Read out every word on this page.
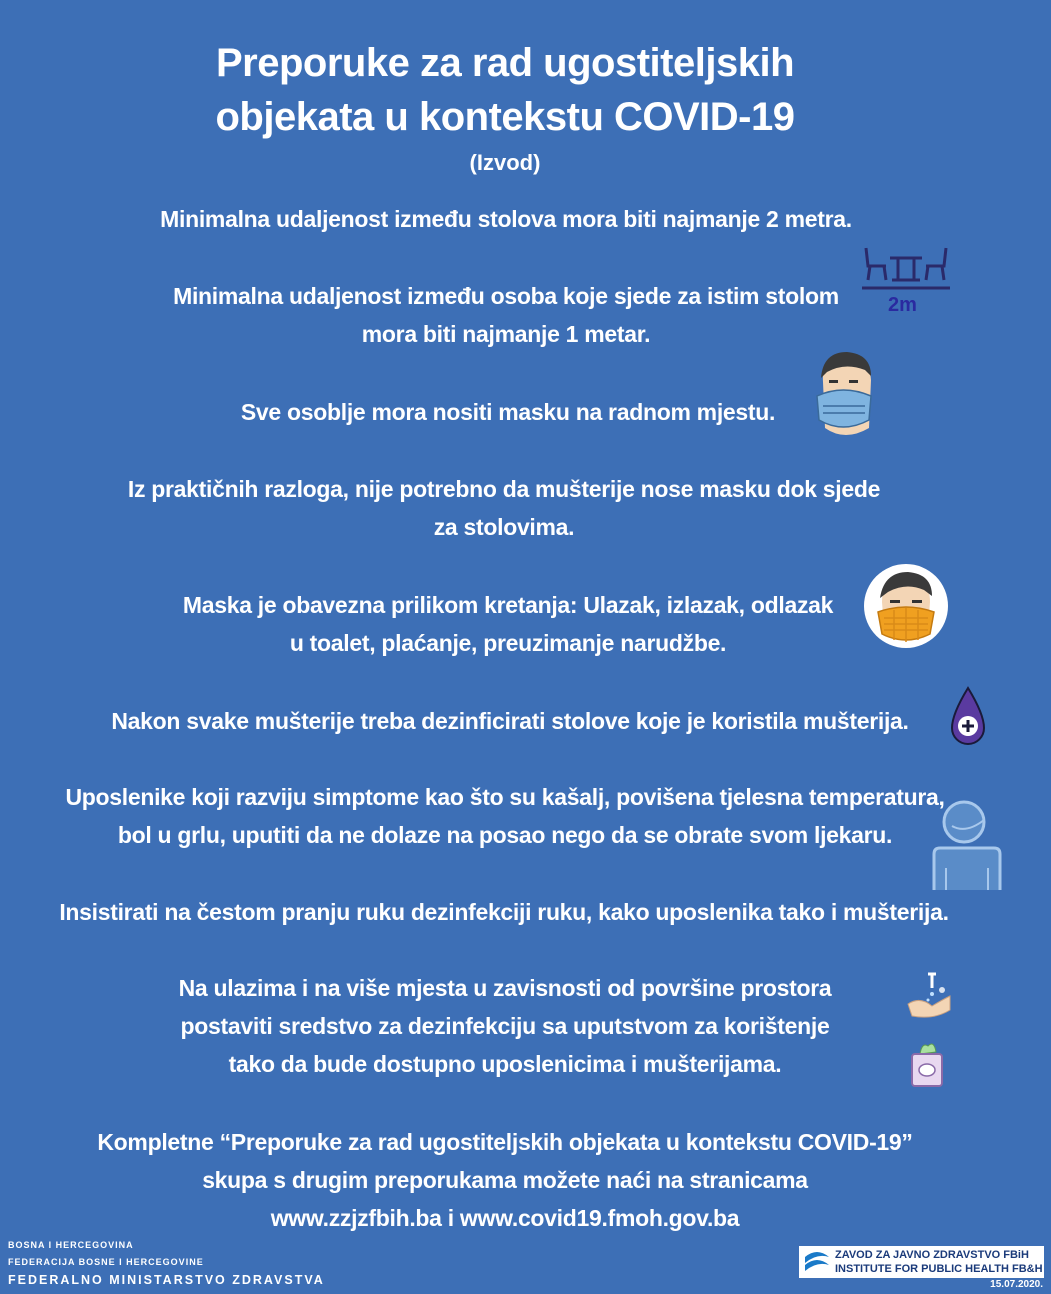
Preporuke za rad ugostiteljskih
objekata u kontekstu COVID-19
(Izvod)
Minimalna udaljenost između stolova mora biti najmanje 2 metra.
Minimalna udaljenost između osoba koje sjede za istim stolom
mora biti najmanje 1 metar.
Sve osoblje mora nositi masku na radnom mjestu.
Iz praktičnih razloga, nije potrebno da mušterije nose masku dok sjede
za stolovima.
Maska je obavezna prilikom kretanja: Ulazak, izlazak, odlazak
u toalet, plaćanje, preuzimanje narudžbe.
Nakon svake mušterije treba dezinficirati stolove koje je koristila mušterija.
Uposlenike koji razviju simptome kao što su kašalj, povišena tjelesna temperatura,
bol u grlu, uputiti da ne dolaze na posao nego da se obrate svom ljekaru.
Insistirati na čestom pranju ruku dezinfekciji ruku, kako uposlenika tako i mušterija.
Na ulazima i na više mjesta u zavisnosti od površine prostora
postaviti sredstvo za dezinfekciju sa uputstvom za korištenje
tako da bude dostupno uposlenicima i mušterijama.
Kompletne “Preporuke za rad ugostiteljskih objekata u kontekstu COVID-19”
skupa s drugim preporukama možete naći na stranicama
www.zzjzfbih.ba i www.covid19.fmoh.gov.ba
2m
BOSNA I HERCEGOVINA
FEDERACIJA BOSNE I HERCEGOVINE
FEDERALNO MINISTARSTVO ZDRAVSTVA
ZAVOD ZA JAVNO ZDRAVSTVO FBiH
INSTITUTE FOR PUBLIC HEALTH FB&H
15.07.2020.
